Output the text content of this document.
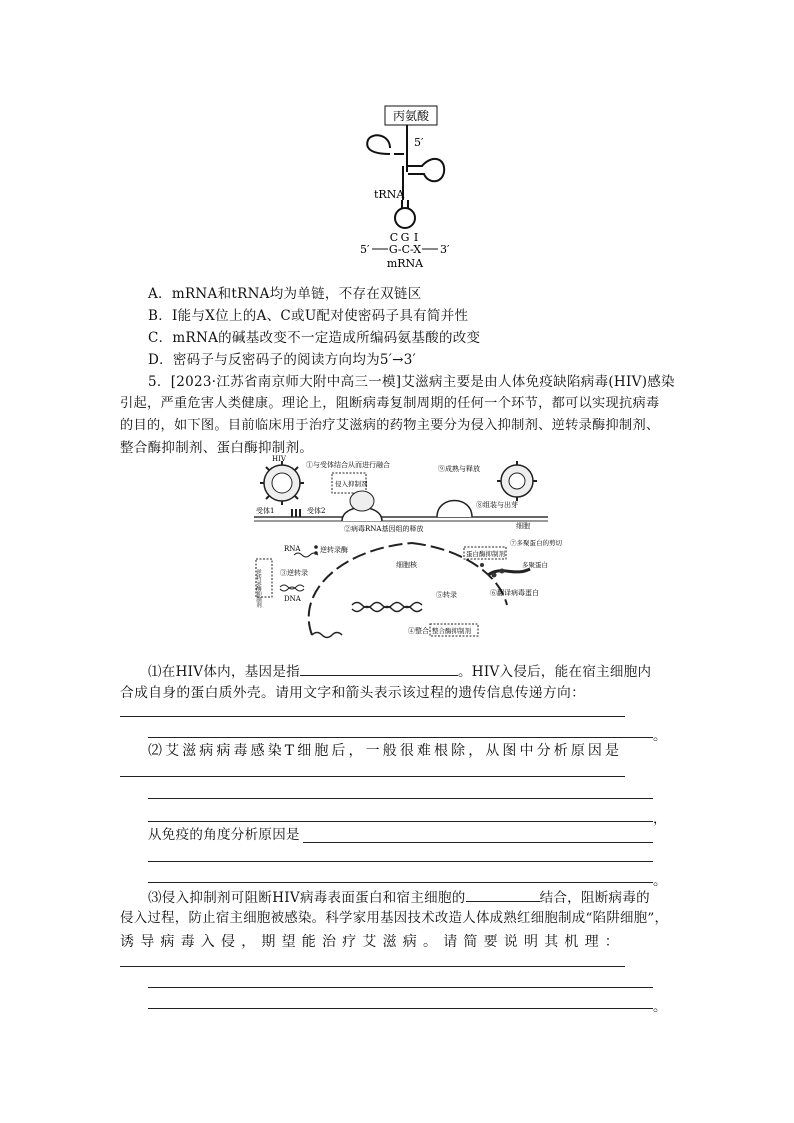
丙氨酸
5′
tRNA
C G I
5′ G-C-X 3′
mRNA
A．mRNA和tRNA均为单链，不存在双链区
B．I能与X位上的A、C或U配对使密码子具有简并性
C．mRNA的碱基改变不一定造成所编码氨基酸的改变
D．密码子与反密码子的阅读方向均为5′→3′
5．[2023·江苏省南京师大附中高三一模]艾滋病主要是由人体免疫缺陷病毒(HIV)感染
引起，严重危害人类健康。理论上，阻断病毒复制周期的任何一个环节，都可以实现抗病毒
的目的，如下图。目前临床用于治疗艾滋病的药物主要分为侵入抑制剂、逆转录酶抑制剂、
整合酶抑制剂、蛋白酶抑制剂。
HIV
①与受体结合从而进行融合
侵入抑制剂
受体1	受体2
②病毒RNA基因组的释放
⑨成熟与释放
⑧组装与出芽
细胞
蛋白酶抑制剂
⑦多聚蛋白的剪切
多聚蛋白
RNA	逆转录酶
逆转录酶抑制剂	③逆转录
DNA
细胞核
⑤转录	⑥翻译病毒蛋白
④整合 整合酶抑制剂
⑴在HIV体内，基因是指	。HIV入侵后，能在宿主细胞内
合成自身的蛋白质外壳。请用文字和箭头表示该过程的遗传信息传递方向：
。
⑵艾滋病病毒感染T细胞后，一般很难根除，从图中分析原因是
，
从免疫的角度分析原因是
。
⑶侵入抑制剂可阻断HIV病毒表面蛋白和宿主细胞的	结合，阻断病毒的
侵入过程，防止宿主细胞被感染。科学家用基因技术改造人体成熟红细胞制成“陷阱细胞”，
诱导病毒入侵，期望能治疗艾滋病。请简要说明其机理：
。
